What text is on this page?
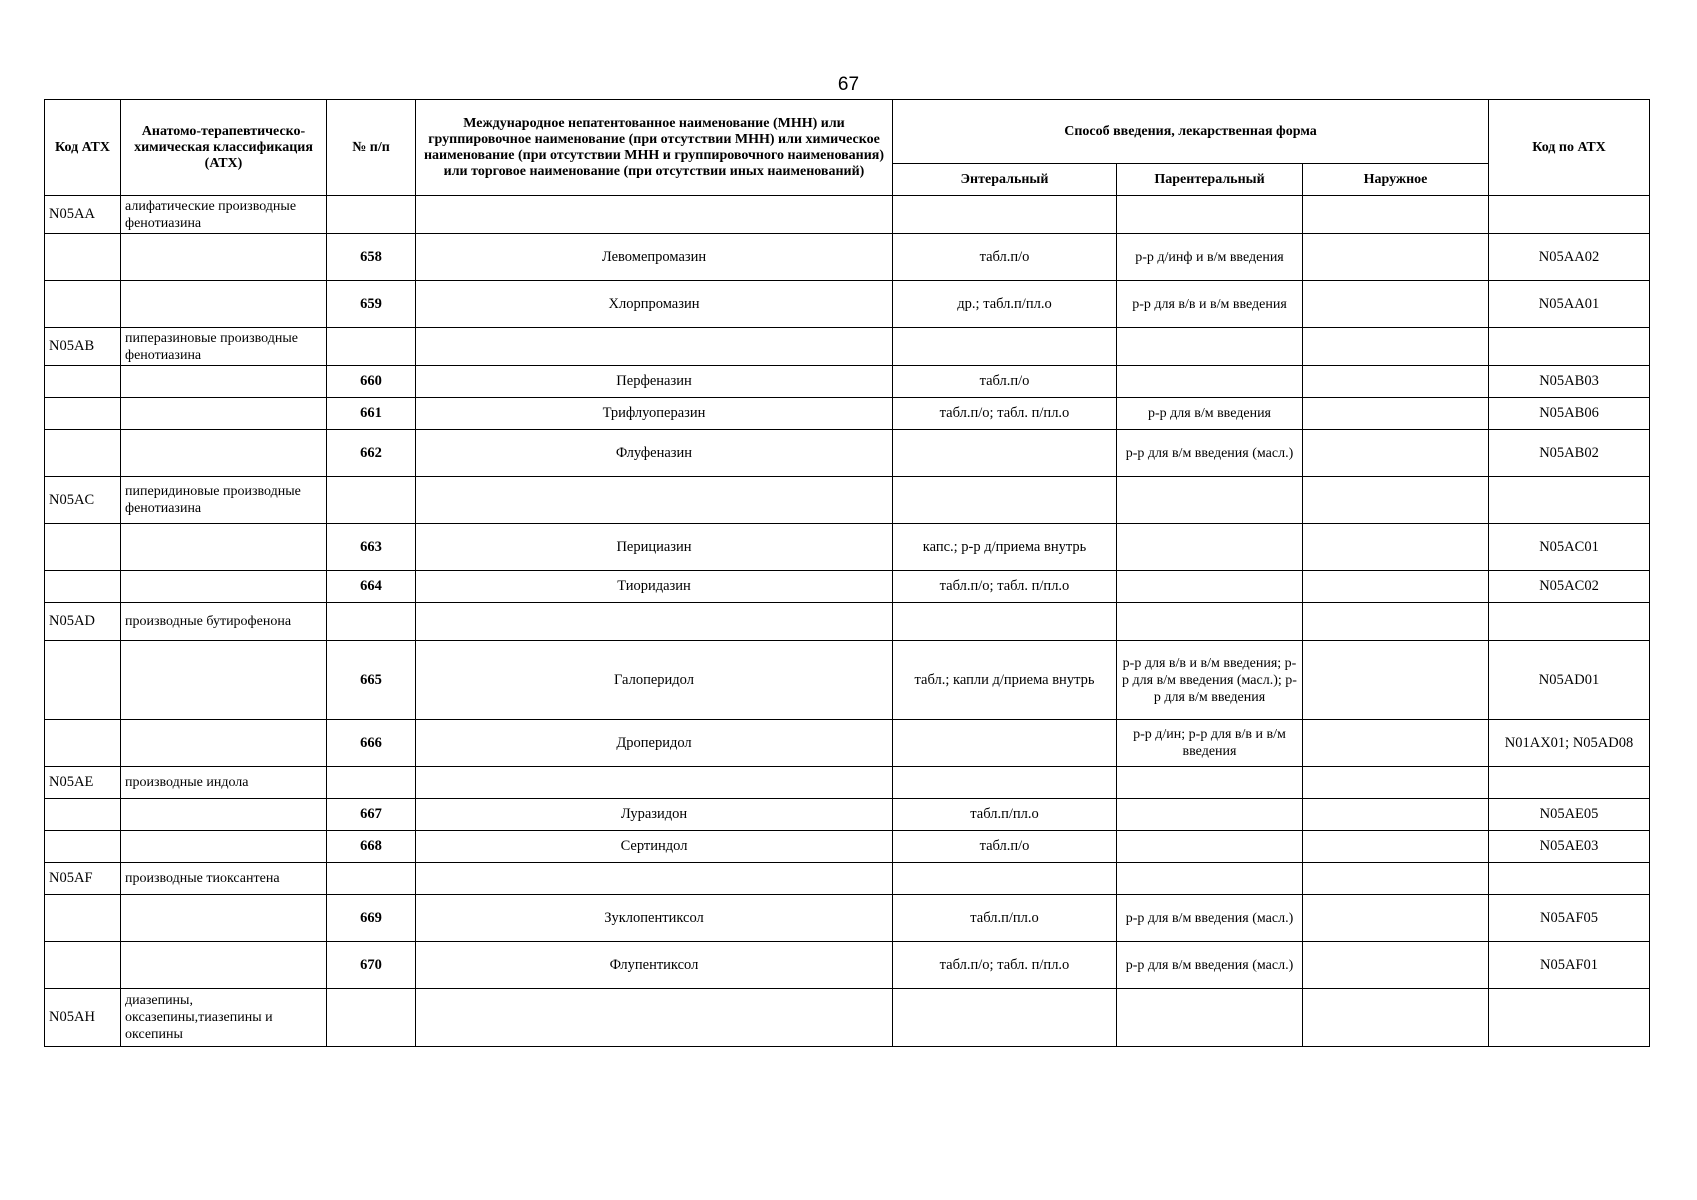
67
Код АТХ	Анатомо-терапевтическо-химическая классификация (АТХ)	№ п/п	Международное непатентованное наименование (МНН) или группировочное наименование (при отсутствии МНН) или химическое наименование (при отсутствии МНН и группировочного наименования) или торговое наименование (при отсутствии иных наименований)	Способ введения, лекарственная форма			Код по АТХ
				Энтеральный	Парентеральный	Наружное	
N05AA	алифатические производные фенотиазина						
		658	Левомепромазин	табл.п/о	р-р д/инф и в/м введения		N05AA02
		659	Хлорпромазин	др.; табл.п/пл.о	р-р для в/в и в/м введения		N05AA01
N05AB	пиперазиновые производные фенотиазина						
		660	Перфеназин	табл.п/о			N05AB03
		661	Трифлуоперазин	табл.п/о; табл. п/пл.о	р-р для в/м введения		N05AB06
		662	Флуфеназин		р-р для в/м введения (масл.)		N05AB02
N05AC	пиперидиновые производные фенотиазина						
		663	Перициазин	капс.; р-р д/приема внутрь			N05AC01
		664	Тиоридазин	табл.п/о; табл. п/пл.о			N05AC02
N05AD	производные бутирофенона						
		665	Галоперидол	табл.; капли д/приема внутрь	р-р для в/в и в/м введения; р-р для в/м введения (масл.); р-р для в/м введения		N05AD01
		666	Дроперидол		р-р д/ин; р-р для в/в и в/м введения		N01AX01; N05AD08
N05AE	производные индола						
		667	Луразидон	табл.п/пл.о			N05AE05
		668	Сертиндол	табл.п/о			N05AE03
N05AF	производные тиоксантена						
		669	Зуклопентиксол	табл.п/пл.о	р-р для в/м введения (масл.)		N05AF05
		670	Флупентиксол	табл.п/о; табл. п/пл.о	р-р для в/м введения (масл.)		N05AF01
N05AH	диазепины, оксазепины,тиазепины и оксепины						
